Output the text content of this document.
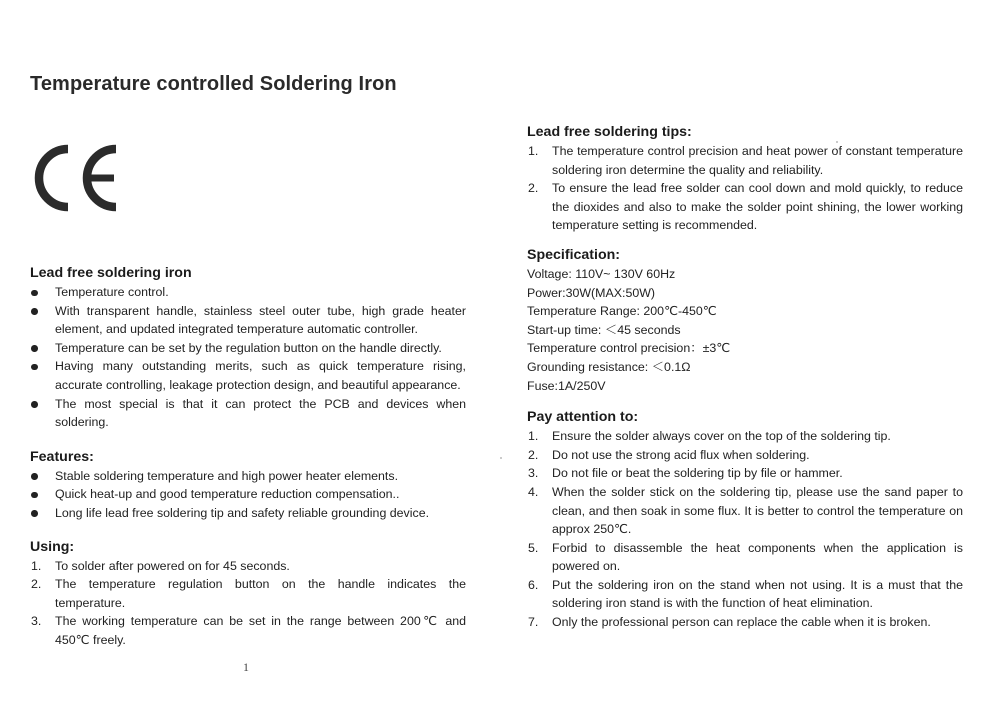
Temperature controlled Soldering Iron
Lead free soldering iron
Temperature control.
With transparent handle, stainless steel outer tube, high grade heater element, and updated integrated temperature automatic controller.
Temperature can be set by the regulation button on the handle directly.
Having many outstanding merits, such as quick temperature rising, accurate controlling, leakage protection design, and beautiful appearance.
The most special is that it can protect the PCB and devices when soldering.
Features:
Stable soldering temperature and high power heater elements.
Quick heat-up and good temperature reduction compensation..
Long life lead free soldering tip and safety reliable grounding device.
Using:
1. To solder after powered on for 45 seconds.
2. The temperature regulation button on the handle indicates the temperature.
3. The working temperature can be set in the range between 200℃ and 450℃ freely.
Lead free soldering tips:
1. The temperature control precision and heat power of constant temperature soldering iron determine the quality and reliability.
2. To ensure the lead free solder can cool down and mold quickly, to reduce the dioxides and also to make the solder point shining, the lower working temperature setting is recommended.
Specification:
Voltage: 110V~ 130V 60Hz
Power:30W(MAX:50W)
Temperature Range: 200℃-450℃
Start-up time: ＜45 seconds
Temperature control precision：±3℃
Grounding resistance: ＜0.1Ω
Fuse:1A/250V
Pay attention to:
1. Ensure the solder always cover on the top of the soldering tip.
2. Do not use the strong acid flux when soldering.
3. Do not file or beat the soldering tip by file or hammer.
4. When the solder stick on the soldering tip, please use the sand paper to clean, and then soak in some flux. It is better to control the temperature on approx 250℃.
5. Forbid to disassemble the heat components when the application is powered on.
6. Put the soldering iron on the stand when not using. It is a must that the soldering iron stand is with the function of heat elimination.
7. Only the professional person can replace the cable when it is broken.
1
